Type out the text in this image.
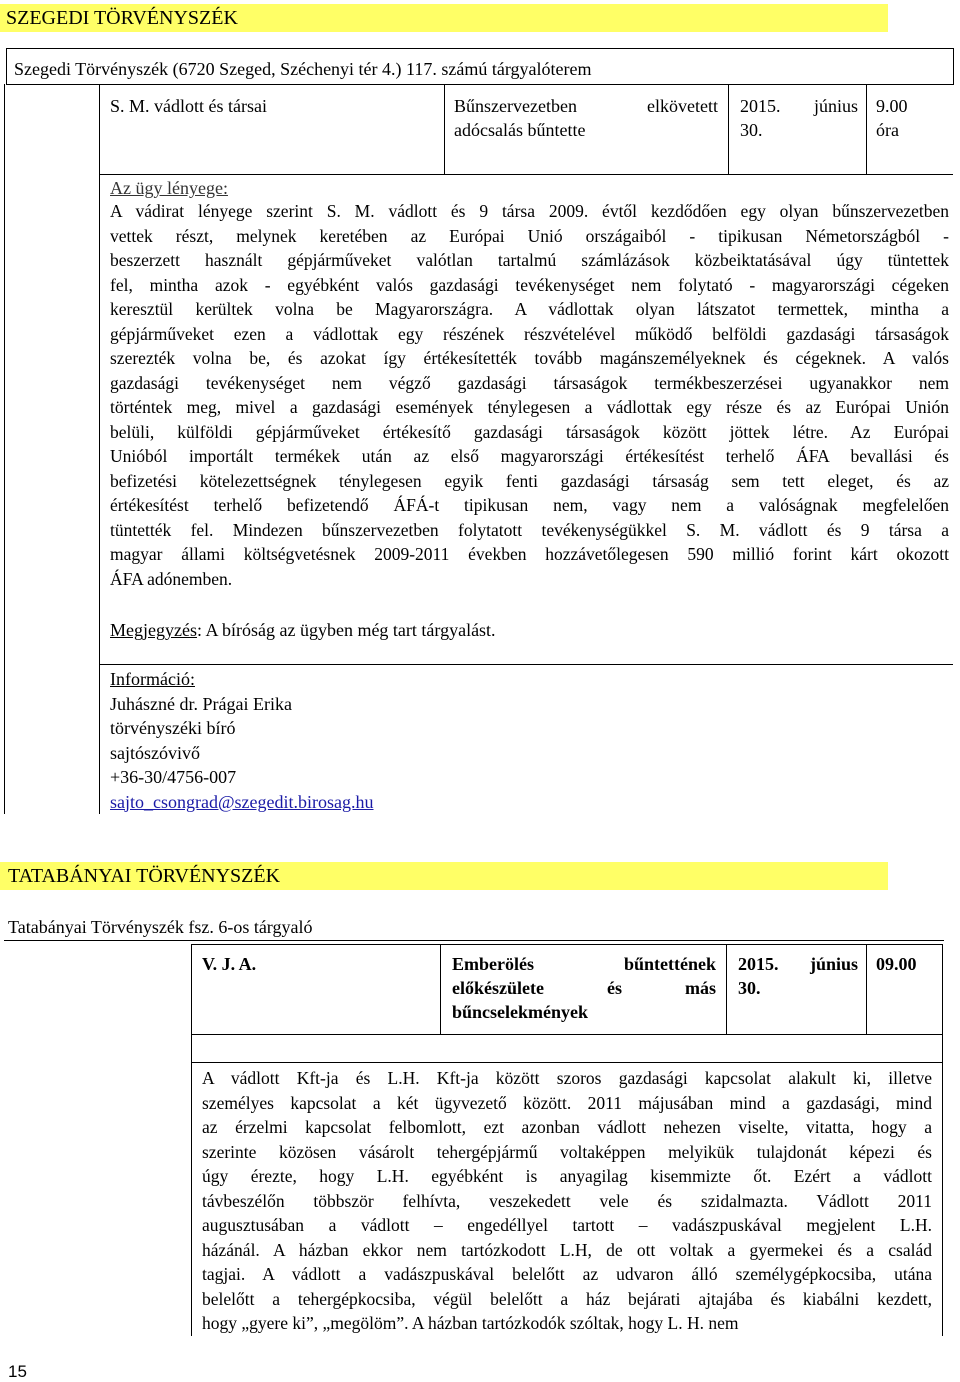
SZEGEDI TÖRVÉNYSZÉK
Szegedi Törvényszék (6720 Szeged, Széchenyi tér 4.) 117. számú tárgyalóterem
S. M. vádlott és társai	Bűnszervezetben elkövetett
adócsalás bűntette
2015. június
30.
9.00
óra
Az ügy lényege:
A vádirat lényege szerint S. M. vádlott és 9 társa 2009. évtől kezdődően egy olyan bűnszervezetben
vettek részt, melynek keretében az Európai Unió országaiból - tipikusan Németországból -
beszerzett használt gépjárműveket valótlan tartalmú számlázások közbeiktatásával úgy tüntettek
fel, mintha azok - egyébként valós gazdasági tevékenységet nem folytató - magyarországi cégeken
keresztül kerültek volna be Magyarországra. A vádlottak olyan látszatot termettek, mintha a
gépjárműveket ezen a vádlottak egy részének részvételével működő belföldi gazdasági társaságok
szerezték volna be, és azokat így értékesítették tovább magánszemélyeknek és cégeknek. A valós
gazdasági tevékenységet nem végző gazdasági társaságok termékbeszerzései ugyanakkor nem
történtek meg, mivel a gazdasági események ténylegesen a vádlottak egy része és az Európai Unión
belüli, külföldi gépjárműveket értékesítő gazdasági társaságok között jöttek létre. Az Európai
Unióból importált termékek után az első magyarországi értékesítést terhelő ÁFA bevallási és
befizetési kötelezettségnek ténylegesen egyik fenti gazdasági társaság sem tett eleget, és az
értékesítést terhelő befizetendő ÁFÁ-t tipikusan nem, vagy nem a valóságnak megfelelően
tüntették fel. Mindezen bűnszervezetben folytatott tevékenységükkel S. M. vádlott és 9 társa a
magyar állami költségvetésnek 2009-2011 években hozzávetőlegesen 590 millió forint kárt okozott
ÁFA adónemben.
Megjegyzés: A bíróság az ügyben még tart tárgyalást.
Információ:
Juhászné dr. Prágai Erika
törvényszéki bíró
sajtószóvivő
+36-30/4756-007
sajto_csongrad@szegedit.birosag.hu
TATABÁNYAI TÖRVÉNYSZÉK
Tatabányai Törvényszék fsz. 6-os tárgyaló
V. J. A.	Emberölés bűntettének
előkészülete és más
bűncselekmények
2015. június
30.
09.00
A vádlott Kft-ja és L.H. Kft-ja között szoros gazdasági kapcsolat alakult ki, illetve
személyes kapcsolat a két ügyvezető között. 2011 májusában mind a gazdasági, mind
az érzelmi kapcsolat felbomlott, ezt azonban vádlott nehezen viselte, vitatta, hogy a
szerinte közösen vásárolt tehergépjármű voltaképpen melyikük tulajdonát képezi és
úgy érezte, hogy L.H. egyébként is anyagilag kisemmizte őt. Ezért a vádlott
távbeszélőn többször felhívta, veszekedett vele és szidalmazta. Vádlott 2011
augusztusában a vádlott – engedéllyel tartott – vadászpuskával megjelent L.H.
házánál. A házban ekkor nem tartózkodott L.H, de ott voltak a gyermekei és a család
tagjai. A vádlott a vadászpuskával belelőtt az udvaron álló személygépkocsiba, utána
belelőtt a tehergépkocsiba, végül belelőtt a ház bejárati ajtajába és kiabálni kezdett,
hogy „gyere ki”, „megölöm”. A házban tartózkodók szóltak, hogy L. H. nem
15
